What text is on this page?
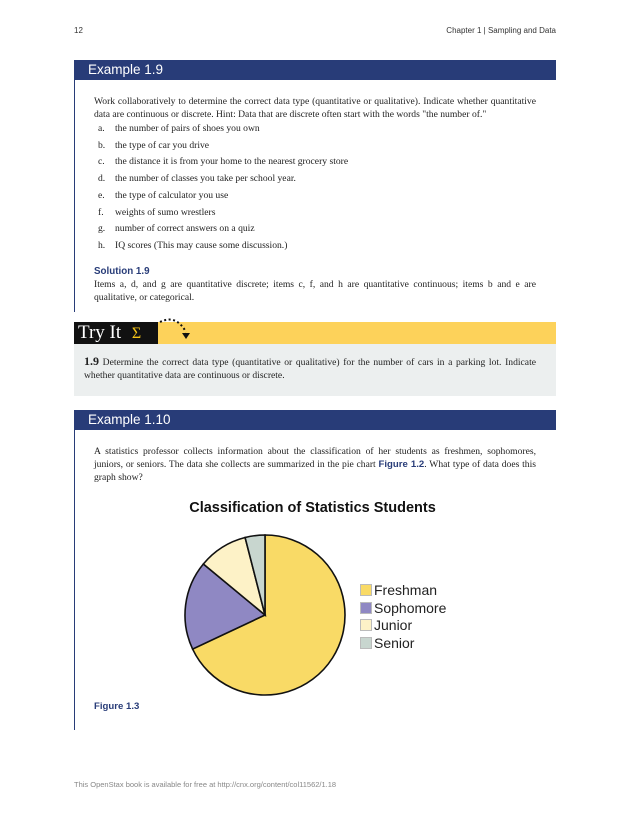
12	Chapter 1 | Sampling and Data
Example 1.9
Work collaboratively to determine the correct data type (quantitative or qualitative). Indicate whether quantitative data are continuous or discrete. Hint: Data that are discrete often start with the words "the number of."
a. the number of pairs of shoes you own
b. the type of car you drive
c. the distance it is from your home to the nearest grocery store
d. the number of classes you take per school year.
e. the type of calculator you use
f. weights of sumo wrestlers
g. number of correct answers on a quiz
h. IQ scores (This may cause some discussion.)
Solution 1.9
Items a, d, and g are quantitative discrete; items c, f, and h are quantitative continuous; items b and e are qualitative, or categorical.
Try It Σ
1.9 Determine the correct data type (quantitative or qualitative) for the number of cars in a parking lot. Indicate whether quantitative data are continuous or discrete.
Example 1.10
A statistics professor collects information about the classification of her students as freshmen, sophomores, juniors, or seniors. The data she collects are summarized in the pie chart Figure 1.2. What type of data does this graph show?
Classification of Statistics Students
Freshman
Sophomore
Junior
Senior
Figure 1.3
This OpenStax book is available for free at http://cnx.org/content/col11562/1.18
